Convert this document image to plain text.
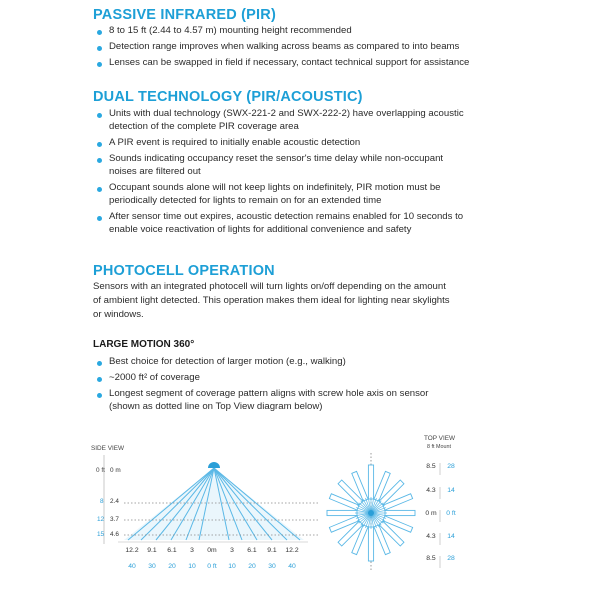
PASSIVE INFRARED (PIR)
8 to 15 ft (2.44 to 4.57 m) mounting height recommended
Detection range improves when walking across beams as compared to into beams
Lenses can be swapped in field if necessary, contact technical support for assistance
DUAL TECHNOLOGY (PIR/ACOUSTIC)
Units with dual technology (SWX-221-2 and SWX-222-2) have overlapping acoustic
detection of the complete PIR coverage area
A PIR event is required to initially enable acoustic detection
Sounds indicating occupancy reset the sensor's time delay while non-occupant
noises are filtered out
Occupant sounds alone will not keep lights on indefinitely, PIR motion must be
periodically detected for lights to remain on for an extended time
After sensor time out expires, acoustic detection remains enabled for 10 seconds to
enable voice reactivation of lights for additional convenience and safety
PHOTOCELL OPERATION
Sensors with an integrated photocell will turn lights on/off depending on the amount
of ambient light detected. This operation makes them ideal for lighting near skylights
or windows.
LARGE MOTION 360°
Best choice for detection of larger motion (e.g., walking)
~2000 ft² of coverage
Longest segment of coverage pattern aligns with screw hole axis on sensor
(shown as dotted line on Top View diagram below)
SIDE VIEW
0 ft 0 m
8 2.4
12 3.7
15 4.6
12.2	9.1	6.1	3	0m	3	6.1	9.1	12.2
40	30	20	10	0 ft	10	20	30	40
TOP VIEW
8 ft Mount
8.5	28
4.3	14
0 m	0 ft
4.3	14
8.5	28
